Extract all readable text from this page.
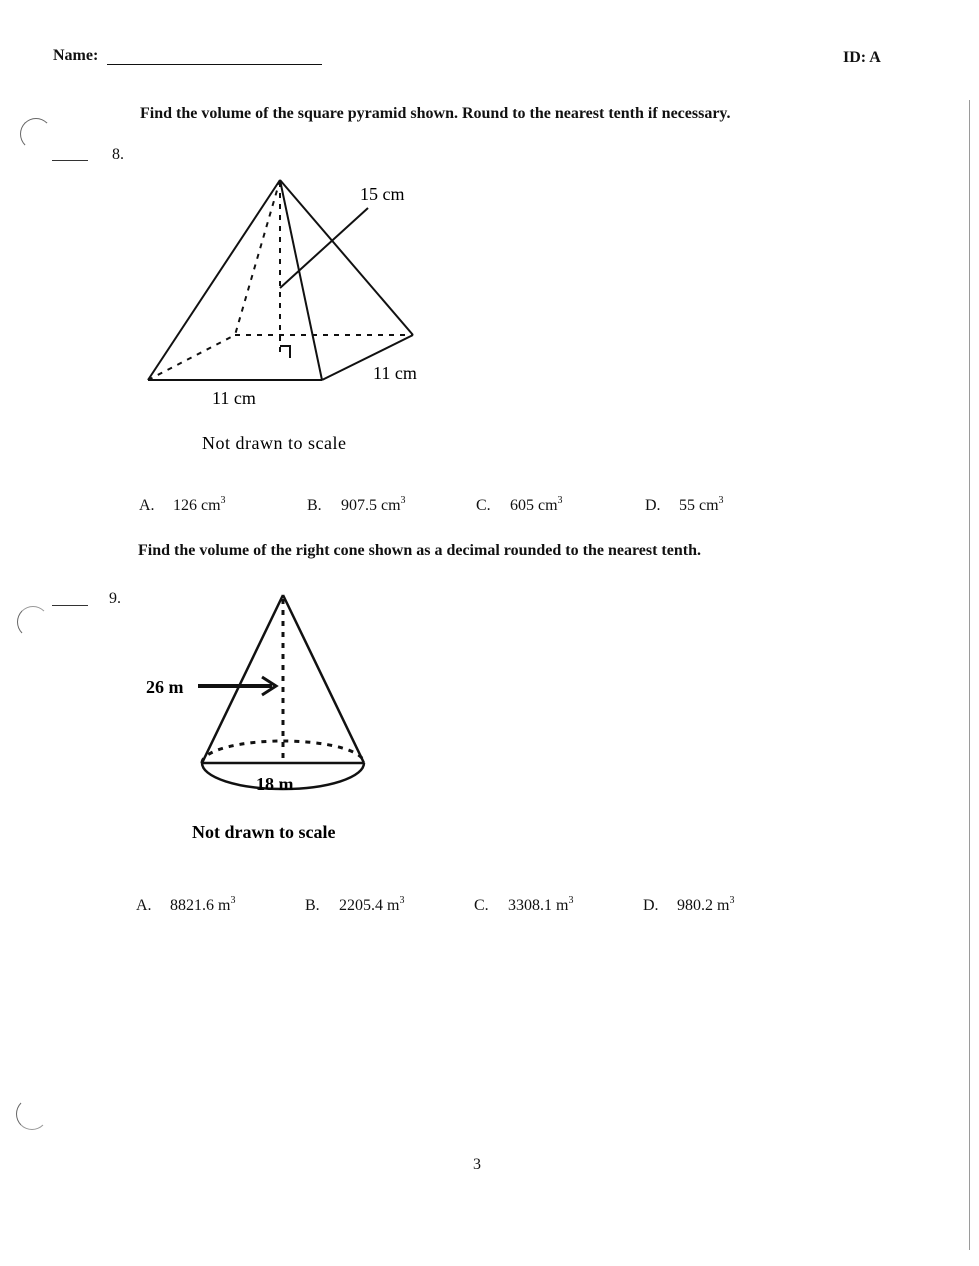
Name:	ID: A
Find the volume of the square pyramid shown. Round to the nearest tenth if necessary.
8.
15 cm
11 cm
11 cm
Not drawn to scale
A. 126 $cm^3$	B. 907.5 $cm^3$	C. 605 $cm^3$	D. 55 $cm^3$
Find the volume of the right cone shown as a decimal rounded to the nearest tenth.
9.
26 m
18 m
Not drawn to scale
A. 8821.6 $m^3$	B. 2205.4 $m^3$	C. 3308.1 $m^3$	D. 980.2 $m^3$
3
